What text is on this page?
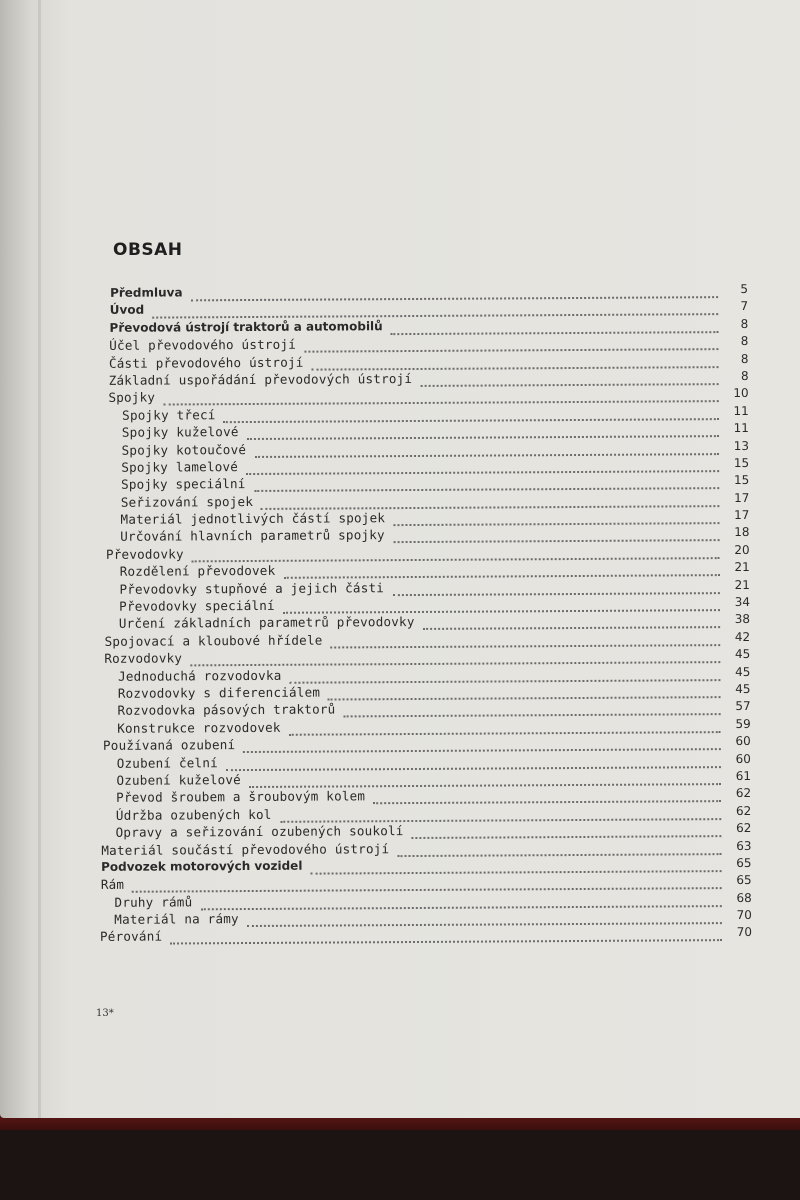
OBSAH
Předmluva	5
Úvod	7
Převodová ústrojí traktorů a automobilů	8
Účel převodového ústrojí	8
Části převodového ústrojí	8
Základní uspořádání převodových ústrojí	8
Spojky	10
Spojky třecí	11
Spojky kuželové	11
Spojky kotoučové	13
Spojky lamelové	15
Spojky speciální	15
Seřizování spojek	17
Materiál jednotlivých částí spojek	17
Určování hlavních parametrů spojky	18
Převodovky	20
Rozdělení převodovek	21
Převodovky stupňové a jejich části	21
Převodovky speciální	34
Určení základních parametrů převodovky	38
Spojovací a kloubové hřídele	42
Rozvodovky	45
Jednoduchá rozvodovka	45
Rozvodovky s diferenciálem	45
Rozvodovka pásových traktorů	57
Konstrukce rozvodovek	59
Používaná ozubení	60
Ozubení čelní	60
Ozubení kuželové	61
Převod šroubem a šroubovým kolem	62
Údržba ozubených kol	62
Opravy a seřizování ozubených soukolí	62
Materiál součástí převodového ústrojí	63
Podvozek motorových vozidel	65
Rám	65
Druhy rámů	68
Materiál na rámy	70
Pérování	70
13*
